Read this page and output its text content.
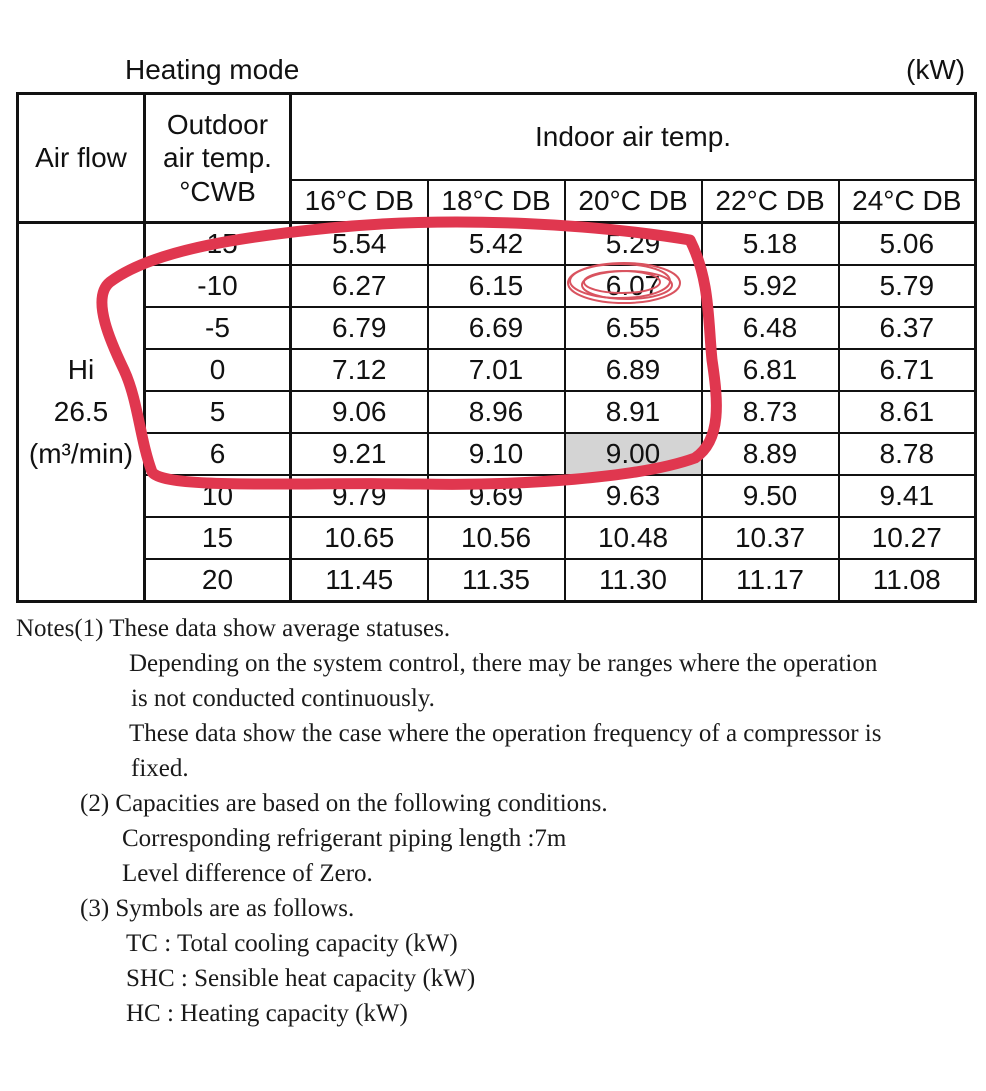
Heating mode	(kW)
Air flow	Outdoor
air temp.
°CWB	Indoor air temp.				
		16°C DB	18°C DB	20°C DB	22°C DB	24°C DB

Hi
26.5
(m³/min)	-15	5.54	5.42	5.29	5.18	5.06
	-10	6.27	6.15	6.07	5.92	5.79
	-5	6.79	6.69	6.55	6.48	6.37
	0	7.12	7.01	6.89	6.81	6.71
	5	9.06	8.96	8.91	8.73	8.61
	6	9.21	9.10	9.00	8.89	8.78
	10	9.79	9.69	9.63	9.50	9.41
	15	10.65	10.56	10.48	10.37	10.27
	20	11.45	11.35	11.30	11.17	11.08
Notes(1) These data show average statuses.
Depending on the system control, there may be ranges where the operation
is not conducted continuously.
These data show the case where the operation frequency of a compressor is
fixed.
(2) Capacities are based on the following conditions.
Corresponding refrigerant piping length :7m
Level difference of Zero.
(3) Symbols are as follows.
TC : Total cooling capacity (kW)
SHC : Sensible heat capacity (kW)
HC : Heating capacity (kW)
